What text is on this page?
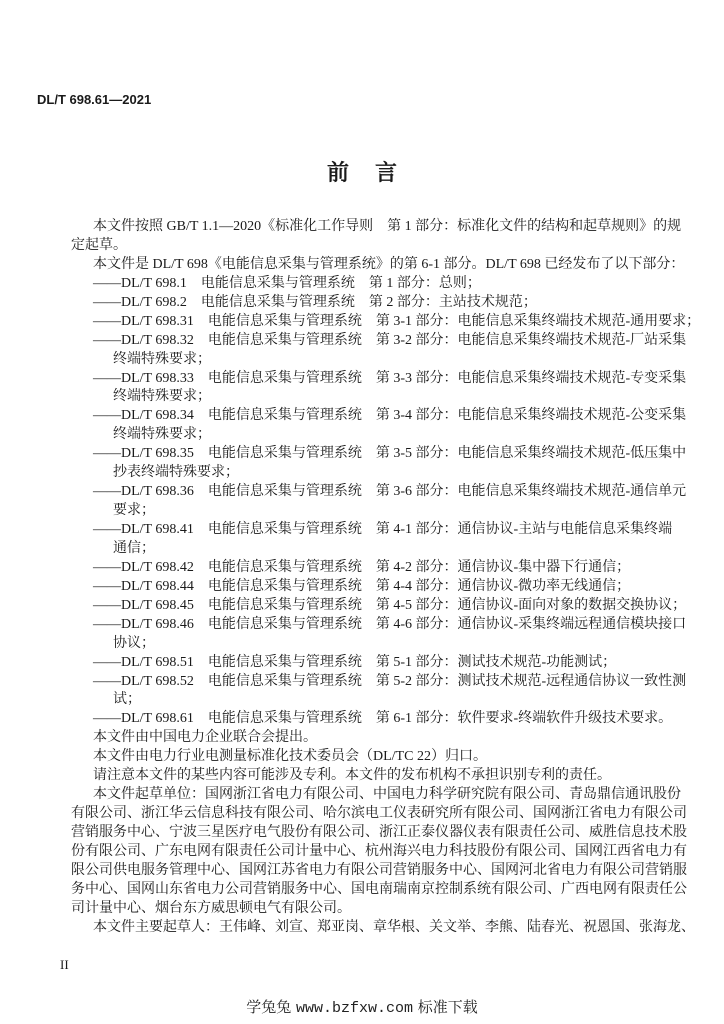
DL/T 698.61—2021
前言
本文件按照 GB/T 1.1—2020《标准化工作导则　第 1 部分：标准化文件的结构和起草规则》的规
定起草。
本文件是 DL/T 698《电能信息采集与管理系统》的第 6-1 部分。DL/T 698 已经发布了以下部分：
——DL/T 698.1 电能信息采集与管理系统 第 1 部分：总则；
——DL/T 698.2 电能信息采集与管理系统 第 2 部分：主站技术规范；
——DL/T 698.31 电能信息采集与管理系统 第 3-1 部分：电能信息采集终端技术规范-通用要求；
——DL/T 698.32 电能信息采集与管理系统 第 3-2 部分：电能信息采集终端技术规范-厂站采集
终端特殊要求；
——DL/T 698.33 电能信息采集与管理系统 第 3-3 部分：电能信息采集终端技术规范-专变采集
终端特殊要求；
——DL/T 698.34 电能信息采集与管理系统 第 3-4 部分：电能信息采集终端技术规范-公变采集
终端特殊要求；
——DL/T 698.35 电能信息采集与管理系统 第 3-5 部分：电能信息采集终端技术规范-低压集中
抄表终端特殊要求；
——DL/T 698.36 电能信息采集与管理系统 第 3-6 部分：电能信息采集终端技术规范-通信单元
要求；
——DL/T 698.41 电能信息采集与管理系统 第 4-1 部分：通信协议-主站与电能信息采集终端
通信；
——DL/T 698.42 电能信息采集与管理系统 第 4-2 部分：通信协议-集中器下行通信；
——DL/T 698.44 电能信息采集与管理系统 第 4-4 部分：通信协议-微功率无线通信；
——DL/T 698.45 电能信息采集与管理系统 第 4-5 部分：通信协议-面向对象的数据交换协议；
——DL/T 698.46 电能信息采集与管理系统 第 4-6 部分：通信协议-采集终端远程通信模块接口
协议；
——DL/T 698.51 电能信息采集与管理系统 第 5-1 部分：测试技术规范-功能测试；
——DL/T 698.52 电能信息采集与管理系统 第 5-2 部分：测试技术规范-远程通信协议一致性测
试；
——DL/T 698.61 电能信息采集与管理系统 第 6-1 部分：软件要求-终端软件升级技术要求。
本文件由中国电力企业联合会提出。
本文件由电力行业电测量标准化技术委员会（DL/TC 22）归口。
请注意本文件的某些内容可能涉及专利。本文件的发布机构不承担识别专利的责任。
本文件起草单位：国网浙江省电力有限公司、中国电力科学研究院有限公司、青岛鼎信通讯股份
有限公司、浙江华云信息科技有限公司、哈尔滨电工仪表研究所有限公司、国网浙江省电力有限公司
营销服务中心、宁波三星医疗电气股份有限公司、浙江正泰仪器仪表有限责任公司、威胜信息技术股
份有限公司、广东电网有限责任公司计量中心、杭州海兴电力科技股份有限公司、国网江西省电力有
限公司供电服务管理中心、国网江苏省电力有限公司营销服务中心、国网河北省电力有限公司营销服
务中心、国网山东省电力公司营销服务中心、国电南瑞南京控制系统有限公司、广西电网有限责任公
司计量中心、烟台东方威思顿电气有限公司。
本文件主要起草人：王伟峰、刘宣、郑亚岗、章华根、关文举、李熊、陆春光、祝恩国、张海龙、
II
学兔兔 www.bzfxw.com 标准下载
